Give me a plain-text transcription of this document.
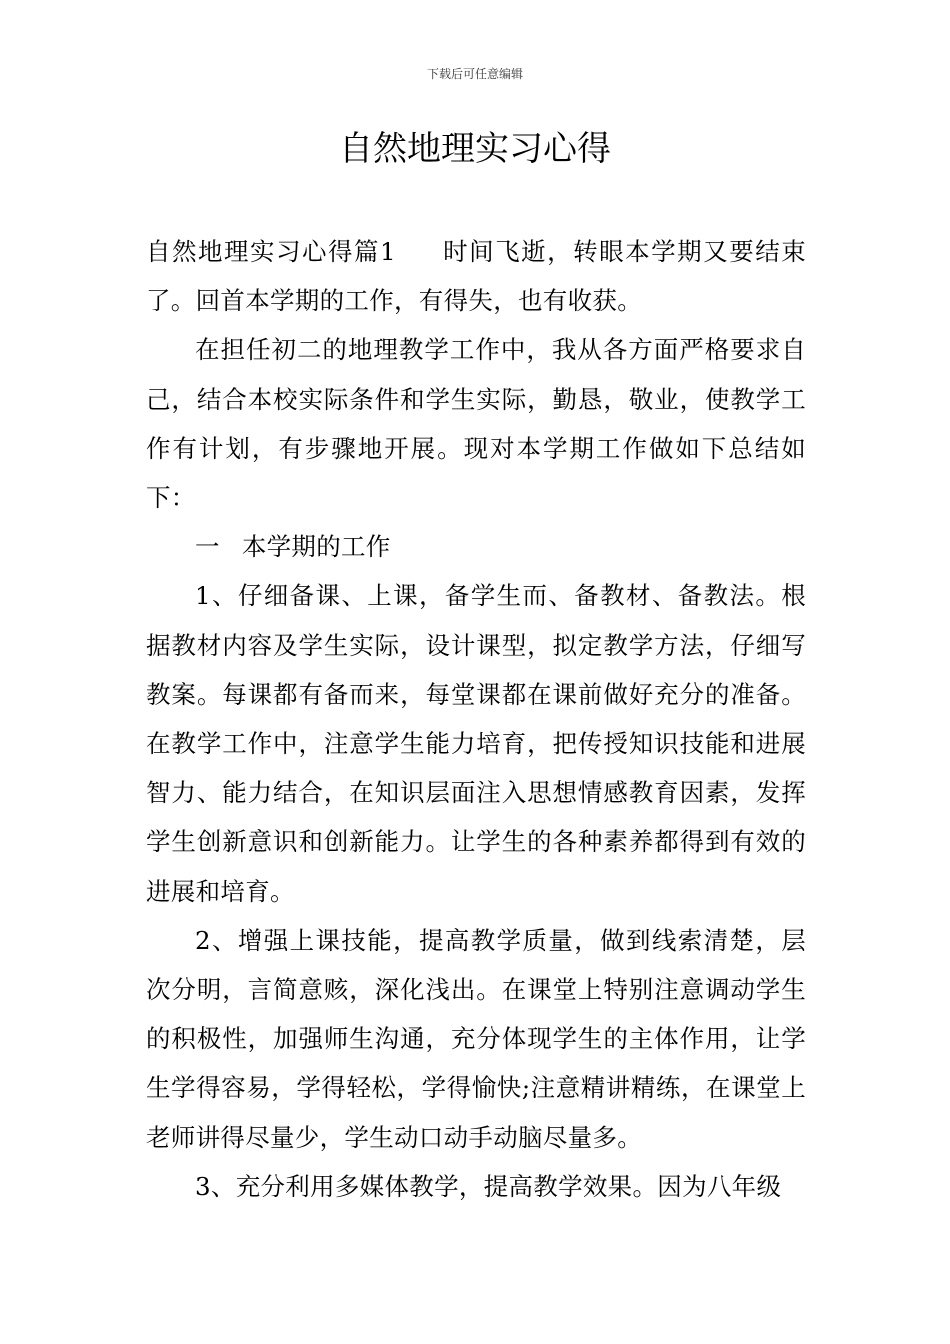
下载后可任意编辑
自然地理实习心得

自然地理实习心得篇1 时间飞逝，转眼本学期又要结束了。回首本学期的工作，有得失，也有收获。

在担任初二的地理教学工作中，我从各方面严格要求自己，结合本校实际条件和学生实际，勤恳，敬业，使教学工作有计划，有步骤地开展。现对本学期工作做如下总结如下：

一 本学期的工作

1、仔细备课、上课，备学生而、备教材、备教法。根据教材内容及学生实际，设计课型，拟定教学方法，仔细写教案。每课都有备而来，每堂课都在课前做好充分的准备。在教学工作中，注意学生能力培育，把传授知识技能和进展智力、能力结合，在知识层面注入思想情感教育因素，发挥学生创新意识和创新能力。让学生的各种素养都得到有效的进展和培育。

2、增强上课技能，提高教学质量，做到线索清楚，层次分明，言简意赅，深化浅出。在课堂上特别注意调动学生的积极性，加强师生沟通，充分体现学生的主体作用，让学生学得容易，学得轻松，学得愉快;注意精讲精练，在课堂上老师讲得尽量少，学生动口动手动脑尽量多。

3、充分利用多媒体教学，提高教学效果。因为八年级
